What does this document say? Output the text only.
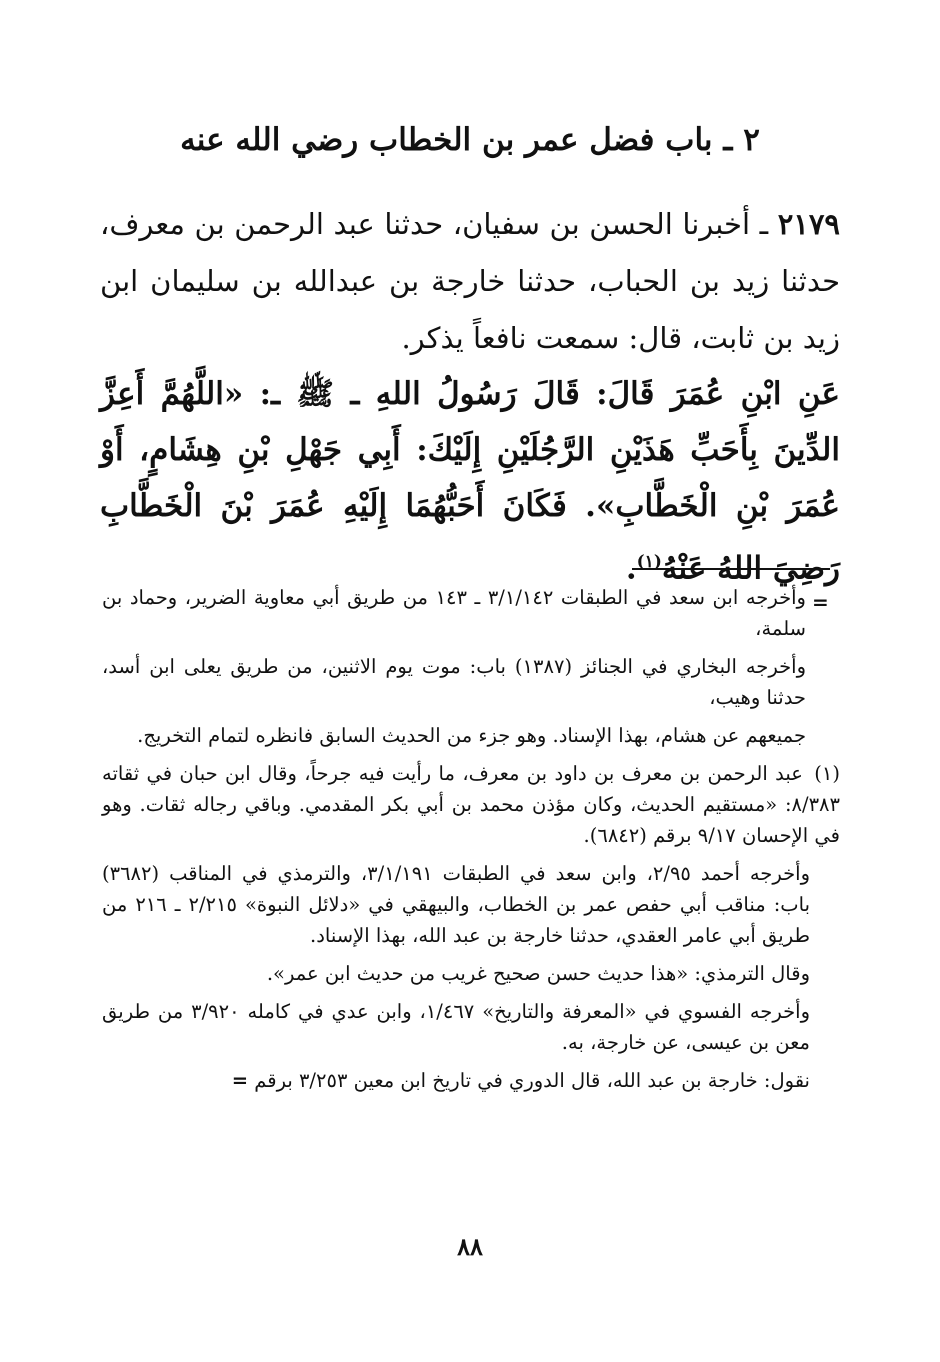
٢ ـ باب فضل عمر بن الخطاب رضي الله عنه

٢١٧٩ ـ أخبرنا الحسن بن سفيان، حدثنا عبد الرحمن بن معرف، حدثنا زيد بن الحباب، حدثنا خارجة بن عبدالله بن سليمان ابن زيد بن ثابت، قال: سمعت نافعاً يذكر.

عَنِ ابْنِ عُمَرَ قَالَ: قَالَ رَسُولُ اللهِ ـ ﷺ ـ: «اللَّهُمَّ أَعِزَّ الدِّينَ بِأَحَبِّ هَذَيْنِ الرَّجُلَيْنِ إِلَيْكَ: أَبِي جَهْلِ بْنِ هِشَامٍ، أَوْ عُمَرَ بْنِ الْخَطَّابِ». فَكَانَ أَحَبُّهُمَا إِلَيْهِ عُمَرَ بْنَ الْخَطَّابِ رَضِيَ اللهُ عَنْهُ$^{(١)}$.

=

وأخرجه ابن سعد في الطبقات ٣/١/١٤٢ ـ ١٤٣ من طريق أبي معاوية الضرير، وحماد بن سلمة،

وأخرجه البخاري في الجنائز (١٣٨٧) باب: موت يوم الاثنين، من طريق يعلى ابن أسد، حدثنا وهيب،

جميعهم عن هشام، بهذا الإسناد. وهو جزء من الحديث السابق فانظره لتمام التخريج.

(١) عبد الرحمن بن معرف بن داود بن معرف، ما رأيت فيه جرحاً، وقال ابن حبان في ثقاته ٨/٣٨٣: «مستقيم الحديث، وكان مؤذن محمد بن أبي بكر المقدمي. وباقي رجاله ثقات. وهو في الإحسان ٩/١٧ برقم (٦٨٤٢).

وأخرجه أحمد ٢/٩٥، وابن سعد في الطبقات ٣/١/١٩١، والترمذي في المناقب (٣٦٨٢) باب: مناقب أبي حفص عمر بن الخطاب، والبيهقي في «دلائل النبوة» ٢/٢١٥ ـ ٢١٦ من طريق أبي عامر العقدي، حدثنا خارجة بن عبد الله، بهذا الإسناد.

وقال الترمذي: «هذا حديث حسن صحيح غريب من حديث ابن عمر».

وأخرجه الفسوي في «المعرفة والتاريخ» ١/٤٦٧، وابن عدي في كامله ٣/٩٢٠ من طريق معن بن عيسى، عن خارجة، به.

نقول: خارجة بن عبد الله، قال الدوري في تاريخ ابن معين ٣/٢٥٣ برقم =

٨٨
